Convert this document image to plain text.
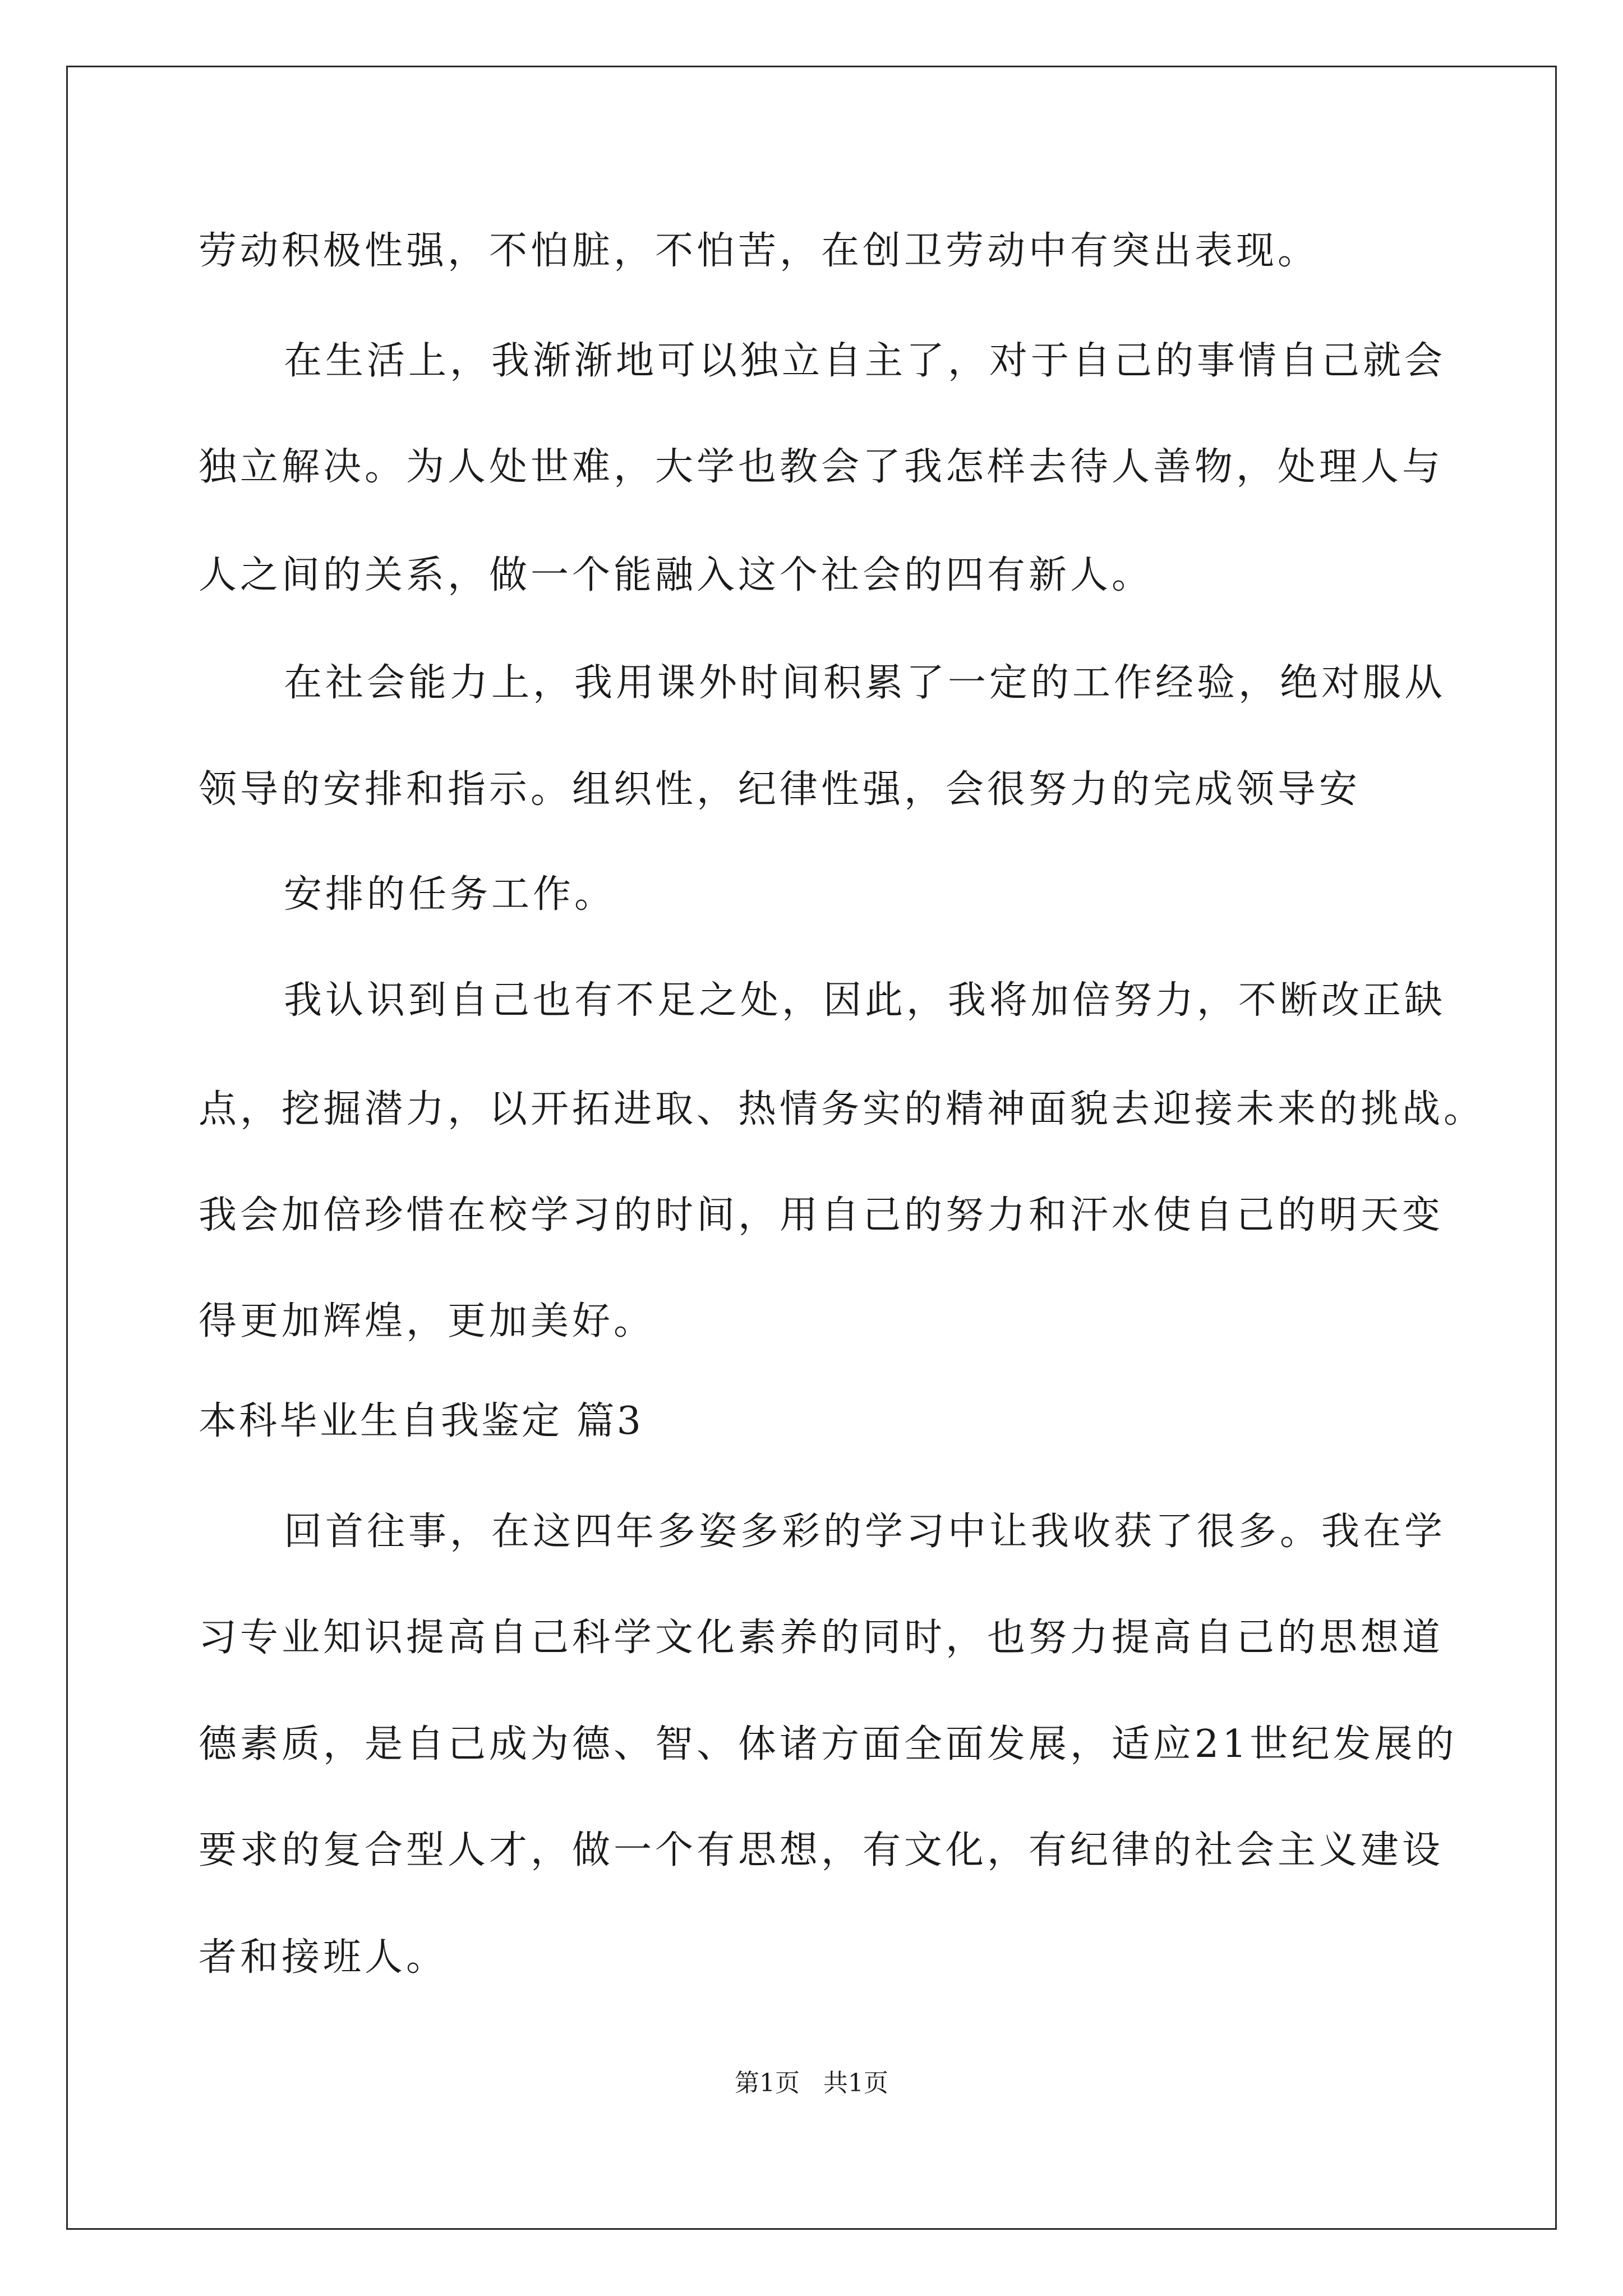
劳动积极性强，不怕脏，不怕苦，在创卫劳动中有突出表现。
在生活上，我渐渐地可以独立自主了，对于自己的事情自己就会
独立解决。为人处世难，大学也教会了我怎样去待人善物，处理人与
人之间的关系，做一个能融入这个社会的四有新人。
在社会能力上，我用课外时间积累了一定的工作经验，绝对服从
领导的安排和指示。组织性，纪律性强，会很努力的完成领导安
安排的任务工作。
我认识到自己也有不足之处，因此，我将加倍努力，不断改正缺
点，挖掘潜力，以开拓进取、热情务实的精神面貌去迎接未来的挑战。
我会加倍珍惜在校学习的时间，用自己的努力和汗水使自己的明天变
得更加辉煌，更加美好。
本科毕业生自我鉴定 篇3
回首往事，在这四年多姿多彩的学习中让我收获了很多。我在学
习专业知识提高自己科学文化素养的同时，也努力提高自己的思想道
德素质，是自己成为德、智、体诸方面全面发展，适应21世纪发展的
要求的复合型人才，做一个有思想，有文化，有纪律的社会主义建设
者和接班人。
第1页   共1页
